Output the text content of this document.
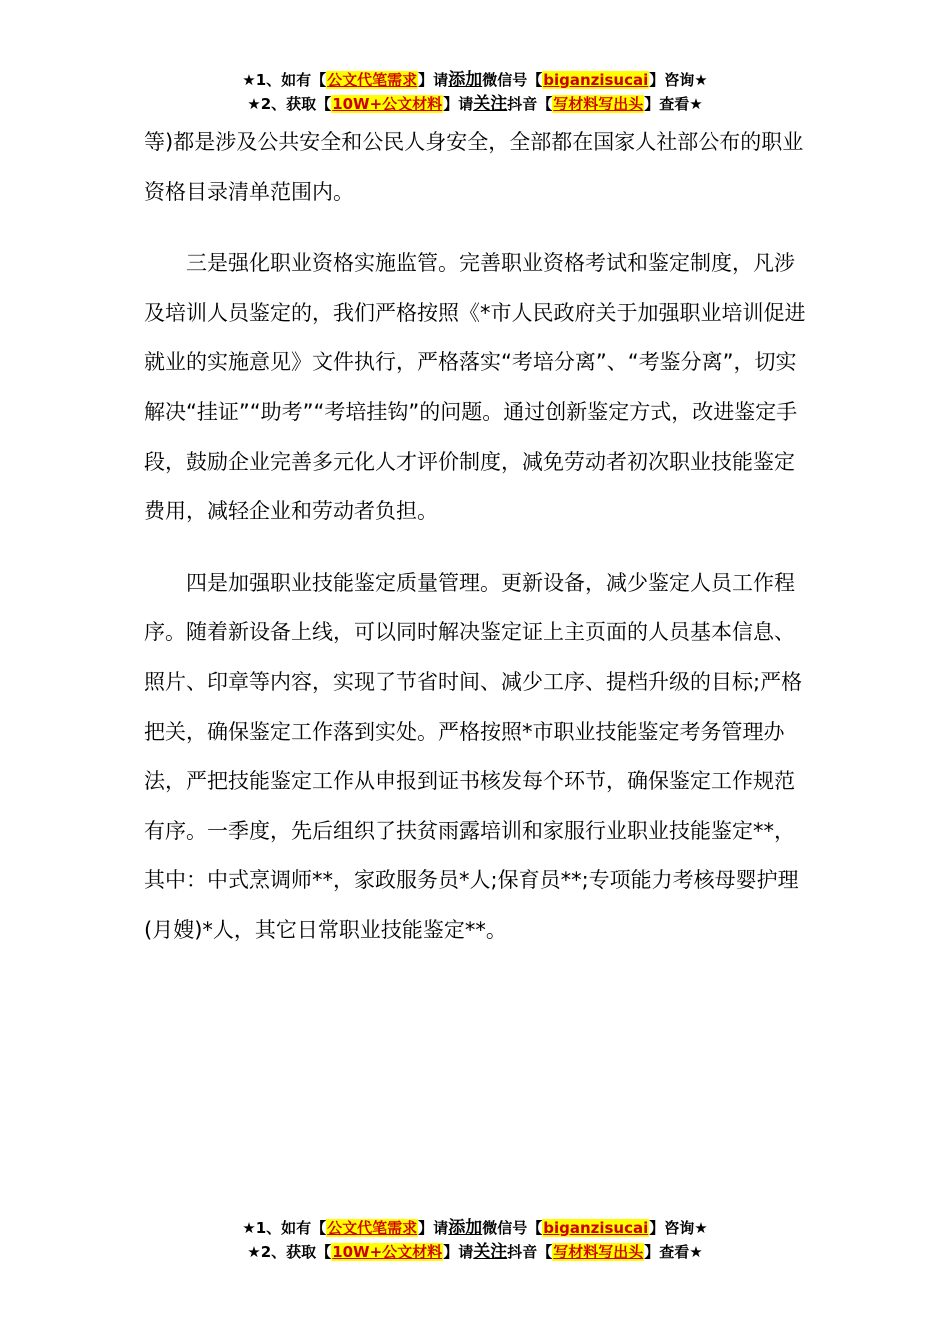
★1、如有【公文代笔需求】请添加微信号【biganzisucai】咨询★
★2、获取【10W+公文材料】请关注抖音【写材料写出头】查看★

等)都是涉及公共安全和公民人身安全，全部都在国家人社部公布的职业资格目录清单范围内。

三是强化职业资格实施监管。完善职业资格考试和鉴定制度，凡涉及培训人员鉴定的，我们严格按照《*市人民政府关于加强职业培训促进就业的实施意见》文件执行，严格落实“考培分离”、“考鉴分离”，切实解决“挂证”“助考”“考培挂钩”的问题。通过创新鉴定方式，改进鉴定手段，鼓励企业完善多元化人才评价制度，减免劳动者初次职业技能鉴定费用，减轻企业和劳动者负担。

四是加强职业技能鉴定质量管理。更新设备，减少鉴定人员工作程序。随着新设备上线，可以同时解决鉴定证上主页面的人员基本信息、照片、印章等内容，实现了节省时间、减少工序、提档升级的目标;严格把关，确保鉴定工作落到实处。严格按照*市职业技能鉴定考务管理办法，严把技能鉴定工作从申报到证书核发每个环节，确保鉴定工作规范有序。一季度，先后组织了扶贫雨露培训和家服行业职业技能鉴定**，其中：中式烹调师**，家政服务员*人;保育员**;专项能力考核母婴护理(月嫂)*人，其它日常职业技能鉴定**。

★1、如有【公文代笔需求】请添加微信号【biganzisucai】咨询★
★2、获取【10W+公文材料】请关注抖音【写材料写出头】查看★
